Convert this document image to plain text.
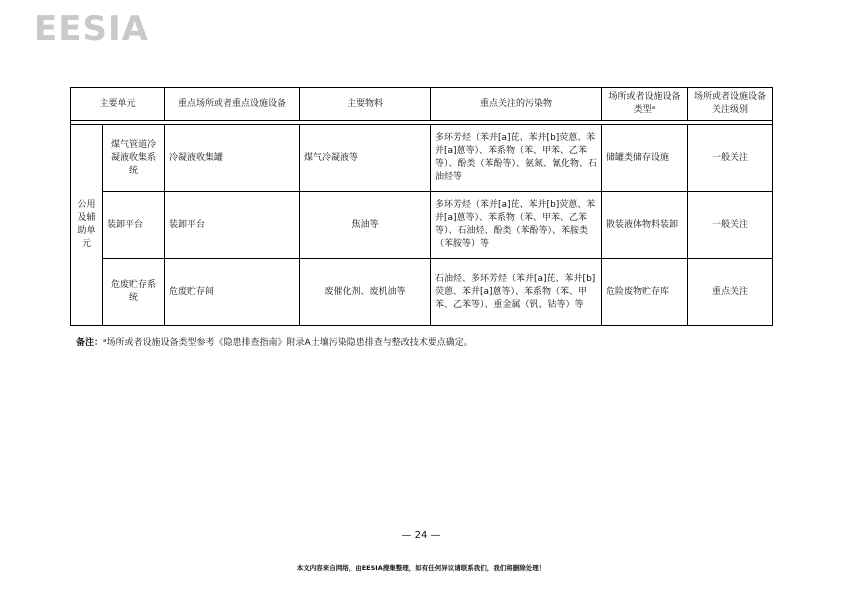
EESIA
主要单元		重点场所或者重点设施设备	主要物料	重点关注的污染物	场所或者设施设备类型ᵃ	场所或者设施设备关注级别

公用及辅助单元	煤气管道冷凝液收集系统	冷凝液收集罐	煤气冷凝液等	多环芳烃（苯并[a]芘、苯并[b]荧蒽、苯并[a]蒽等）、苯系物（苯、甲苯、乙苯等）、酚类（苯酚等）、氨氮、氰化物、石油烃等	储罐类储存设施	一般关注
	装卸平台	装卸平台	焦油等	多环芳烃（苯并[a]芘、苯并[b]荧蒽、苯并[a]蒽等）、苯系物（苯、甲苯、乙苯等）、石油烃、酚类（苯酚等）、苯胺类（苯胺等）等	散装液体物料装卸	一般关注
	危废贮存系统	危废贮存间	废催化剂、废机油等	石油烃、多环芳烃（苯并[a]芘、苯并[b]荧蒽、苯并[a]蒽等）、苯系物（苯、甲苯、乙苯等）、重金属（钒、钴等）等	危险废物贮存库	重点关注
备注：ᵃ场所或者设施设备类型参考《隐患排查指南》附录A土壤污染隐患排查与整改技术要点确定。
— 24 —
本文内容来自网络，由EESIA搜集整理，如有任何异议请联系我们，我们将删除处理！
